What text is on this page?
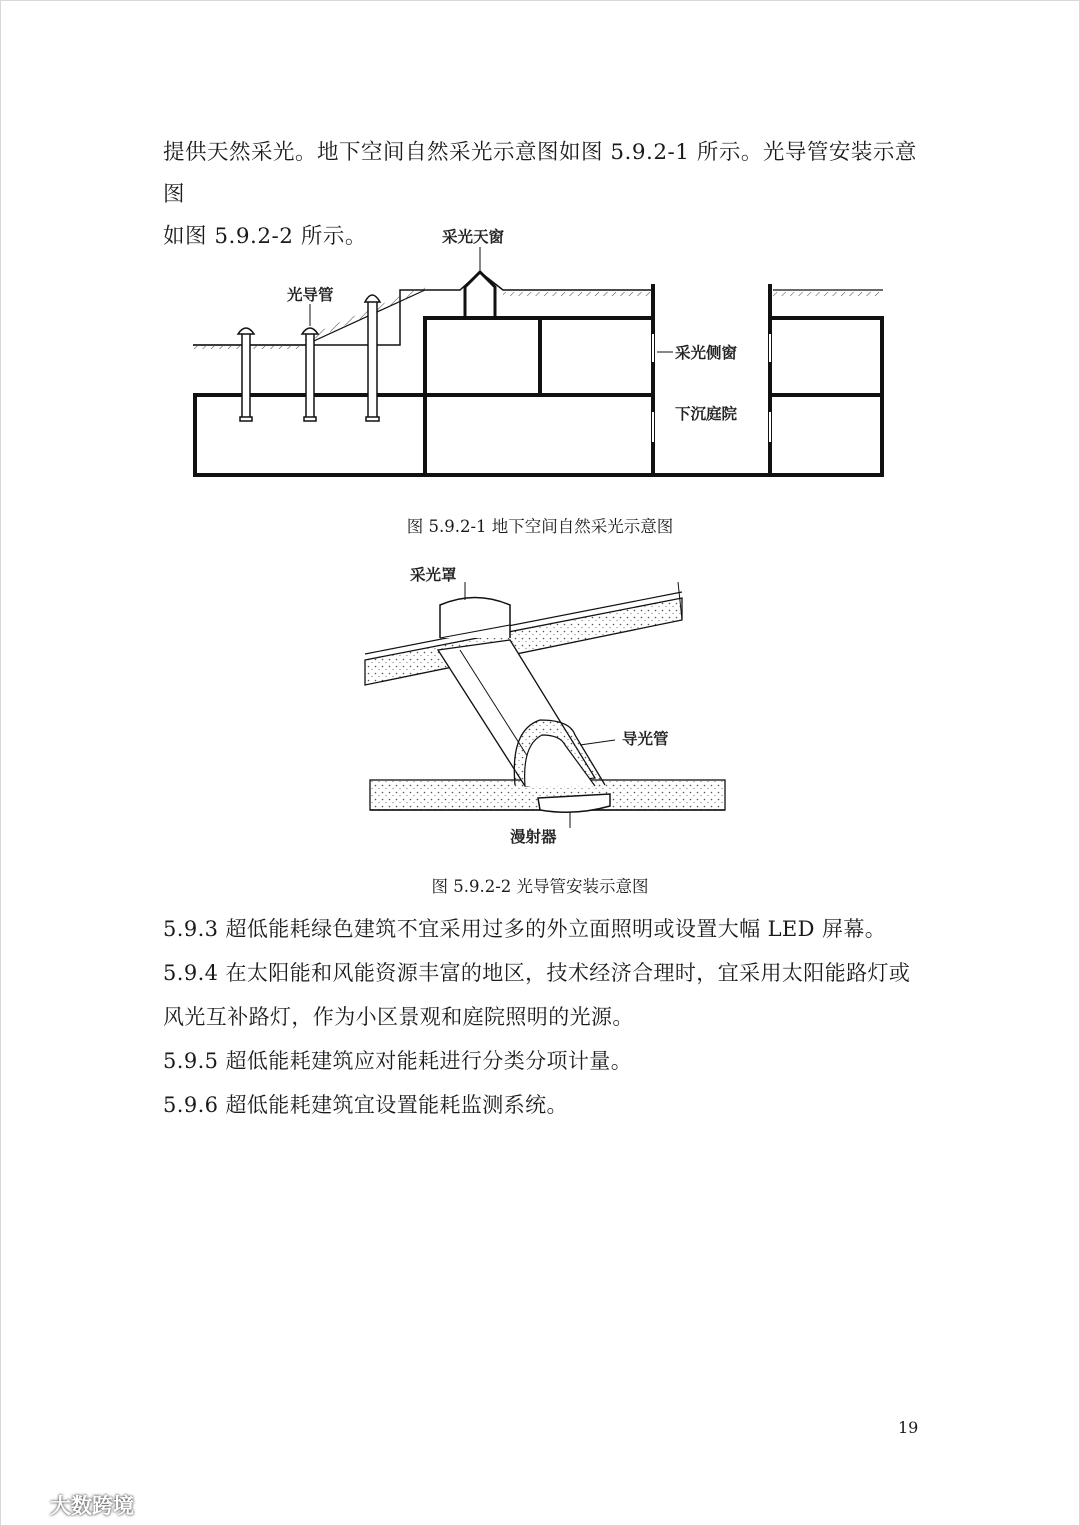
提供天然采光。地下空间自然采光示意图如图 5.9.2-1 所示。光导管安装示意图
如图 5.9.2-2 所示。	采光天窗
光导管
采光侧窗
下沉庭院
图 5.9.2-1 地下空间自然采光示意图
采光罩
导光管
漫射器
图 5.9.2-2 光导管安装示意图
5.9.3 超低能耗绿色建筑不宜采用过多的外立面照明或设置大幅 LED 屏幕。
5.9.4 在太阳能和风能资源丰富的地区，技术经济合理时，宜采用太阳能路灯或
风光互补路灯，作为小区景观和庭院照明的光源。
5.9.5 超低能耗建筑应对能耗进行分类分项计量。
5.9.6 超低能耗建筑宜设置能耗监测系统。
19
大数跨境
